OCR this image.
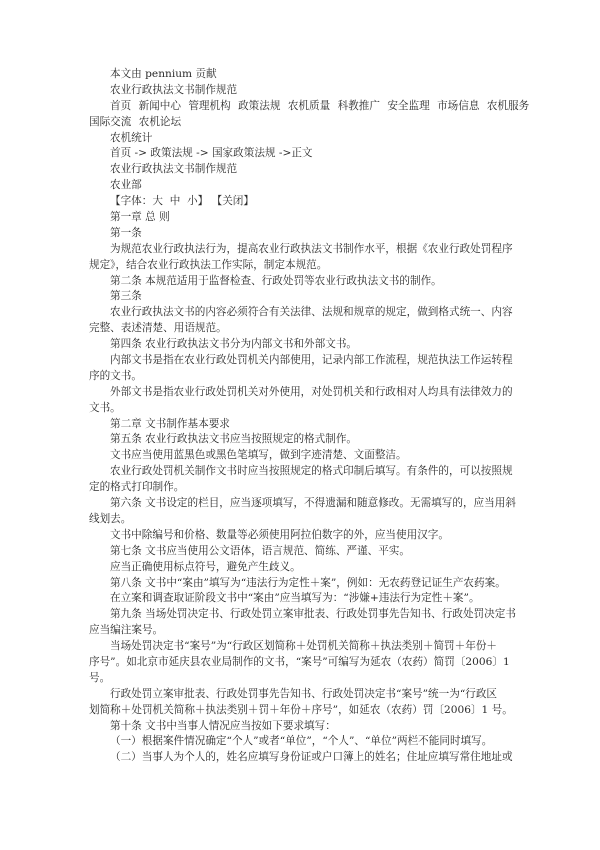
本文由 pennium 贡献
农业行政执法文书制作规范
首页 新闻中心 管理机构 政策法规 农机质量 科教推广 安全监理 市场信息 农机服务
国际交流 农机论坛
农机统计
首页 -> 政策法规 -> 国家政策法规 ->正文
农业行政执法文书制作规范
农业部
【字体：大 中 小】 【关闭】
第一章 总 则
第一条
为规范农业行政执法行为，提高农业行政执法文书制作水平，根据《农业行政处罚程序
规定》，结合农业行政执法工作实际，制定本规范。
第二条 本规范适用于监督检查、行政处罚等农业行政执法文书的制作。
第三条
农业行政执法文书的内容必须符合有关法律、法规和规章的规定，做到格式统一、内容
完整、表述清楚、用语规范。
第四条 农业行政执法文书分为内部文书和外部文书。
内部文书是指在农业行政处罚机关内部使用，记录内部工作流程，规范执法工作运转程
序的文书。
外部文书是指农业行政处罚机关对外使用，对处罚机关和行政相对人均具有法律效力的
文书。
第二章 文书制作基本要求
第五条 农业行政执法文书应当按照规定的格式制作。
文书应当使用蓝黑色或黑色笔填写，做到字迹清楚、文面整洁。
农业行政处罚机关制作文书时应当按照规定的格式印制后填写。有条件的，可以按照规
定的格式打印制作。
第六条 文书设定的栏目，应当逐项填写，不得遗漏和随意修改。无需填写的，应当用斜
线划去。
文书中除编号和价格、数量等必须使用阿拉伯数字的外，应当使用汉字。
第七条 文书应当使用公文语体，语言规范、简练、严谨、平实。
应当正确使用标点符号，避免产生歧义。
第八条 文书中“案由”填写为“违法行为定性＋案”，例如：无农药登记证生产农药案。
在立案和调查取证阶段文书中“案由”应当填写为：“涉嫌+违法行为定性＋案”。
第九条 当场处罚决定书、行政处罚立案审批表、行政处罚事先告知书、行政处罚决定书
应当编注案号。
当场处罚决定书“案号”为“行政区划简称＋处罚机关简称＋执法类别＋简罚＋年份＋
序号”。如北京市延庆县农业局制作的文书，“案号”可编写为延农（农药）简罚〔2006〕1
号。
行政处罚立案审批表、行政处罚事先告知书、行政处罚决定书“案号”统一为“行政区
划简称＋处罚机关简称＋执法类别＋罚＋年份＋序号”，如延农（农药）罚〔2006〕1 号。
第十条 文书中当事人情况应当按如下要求填写：
（一）根据案件情况确定“个人”或者“单位”，“个人”、“单位”两栏不能同时填写。
（二）当事人为个人的，姓名应填写身份证或户口簿上的姓名；住址应填写常住地址或
